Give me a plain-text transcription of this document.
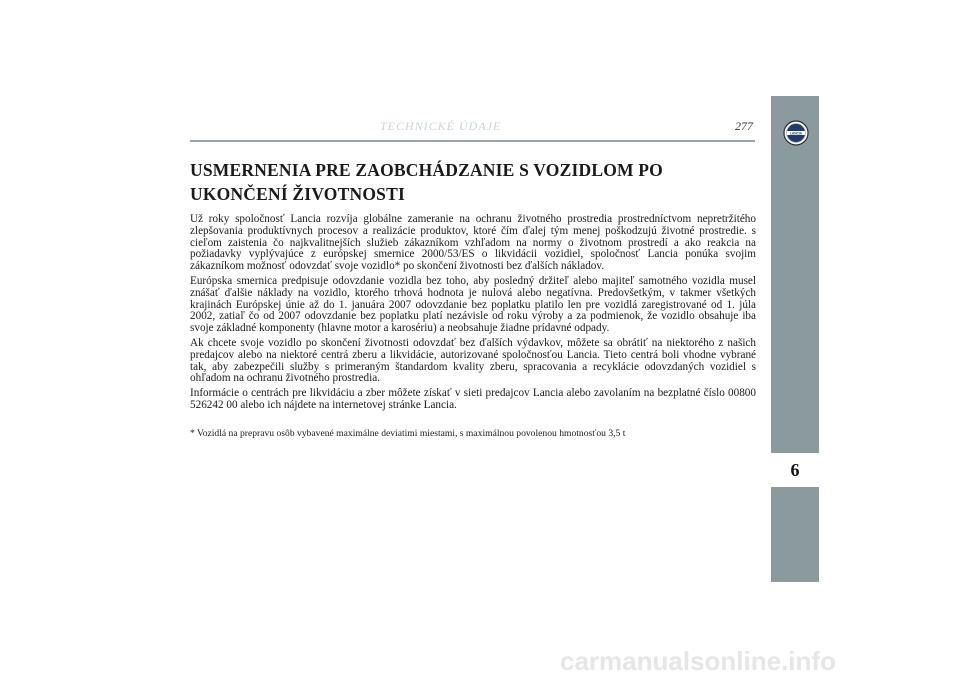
TECHNICKÉ ÚDAJE	277
LANCIA
6
USMERNENIA PRE ZAOBCHÁDZANIE S VOZIDLOM PO UKONČENÍ ŽIVOTNOSTI

Už roky spoločnosť Lancia rozvíja globálne zameranie na ochranu životného prostredia prostredníctvom nepretržitého zlepšovania produktívnych procesov a realizácie produktov, ktoré čím ďalej tým menej poškodzujú životné prostredie. s cieľom zaistenia čo najkvalitnejších služieb zákazníkom vzhľadom na normy o životnom prostredí a ako reakcia na požiadavky vyplývajúce z európskej smernice 2000/53/ES o likvidácii vozidiel, spoločnosť Lancia ponúka svojim zákazníkom možnosť odovzdať svoje vozidlo* po skončení životnosti bez ďalších nákladov.

Európska smernica predpisuje odovzdanie vozidla bez toho, aby posledný držiteľ alebo majiteľ samotného vozidla musel znášať ďalšie náklady na vozidlo, ktorého trhová hodnota je nulová alebo negatívna. Predovšetkým, v takmer všetkých krajinách Európskej únie až do 1. januára 2007 odovzdanie bez poplatku platilo len pre vozidlá zaregistrované od 1. júla 2002, zatiaľ čo od 2007 odovzdanie bez poplatku platí nezávisle od roku výroby a za podmienok, že vozidlo obsahuje iba svoje základné komponenty (hlavne motor a karosériu) a neobsahuje žiadne prídavné odpady.

Ak chcete svoje vozidlo po skončení životnosti odovzdať bez ďalších výdavkov, môžete sa obrátiť na niektorého z našich predajcov alebo na niektoré centrá zberu a likvidácie, autorizované spoločnosťou Lancia. Tieto centrá boli vhodne vybrané tak, aby zabezpečili služby s primeraným štandardom kvality zberu, spracovania a recyklácie odovzdaných vozidiel s ohľadom na ochranu životného prostredia.

Informácie o centrách pre likvidáciu a zber môžete získať v sieti predajcov Lancia alebo zavolaním na bezplatné číslo 00800 526242 00 alebo ich nájdete na internetovej stránke Lancia.

* Vozidlá na prepravu osôb vybavené maximálne deviatimi miestami, s maximálnou povolenou hmotnosťou 3,5 t
carmanualsonline.info
